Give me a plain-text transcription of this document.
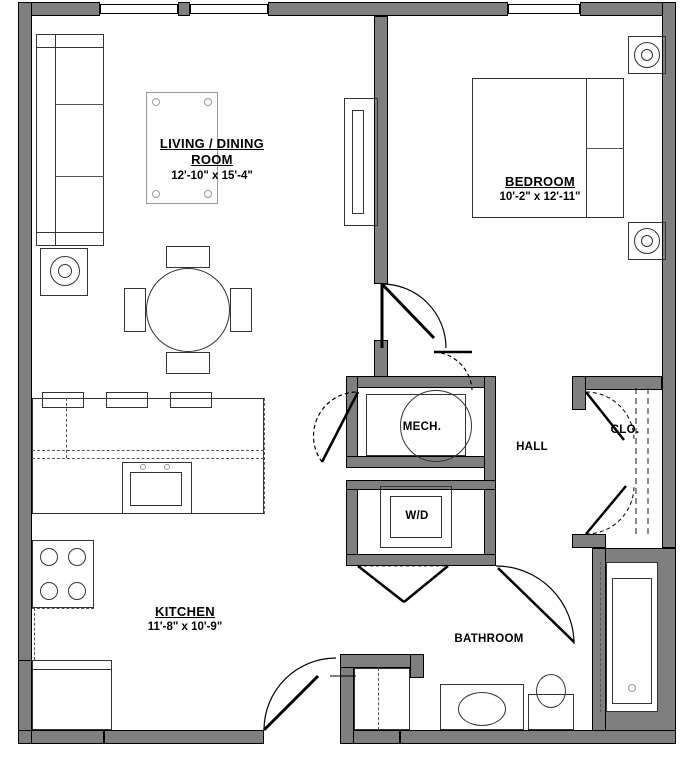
LIVING / DINING
ROOM
12'-10" x 15'-4"	BEDROOM
10'-2" x 12'-11"
KITCHEN
11'-8" x 10'-9"
MECH.
HALL
CLO.
W/D
BATHROOM
